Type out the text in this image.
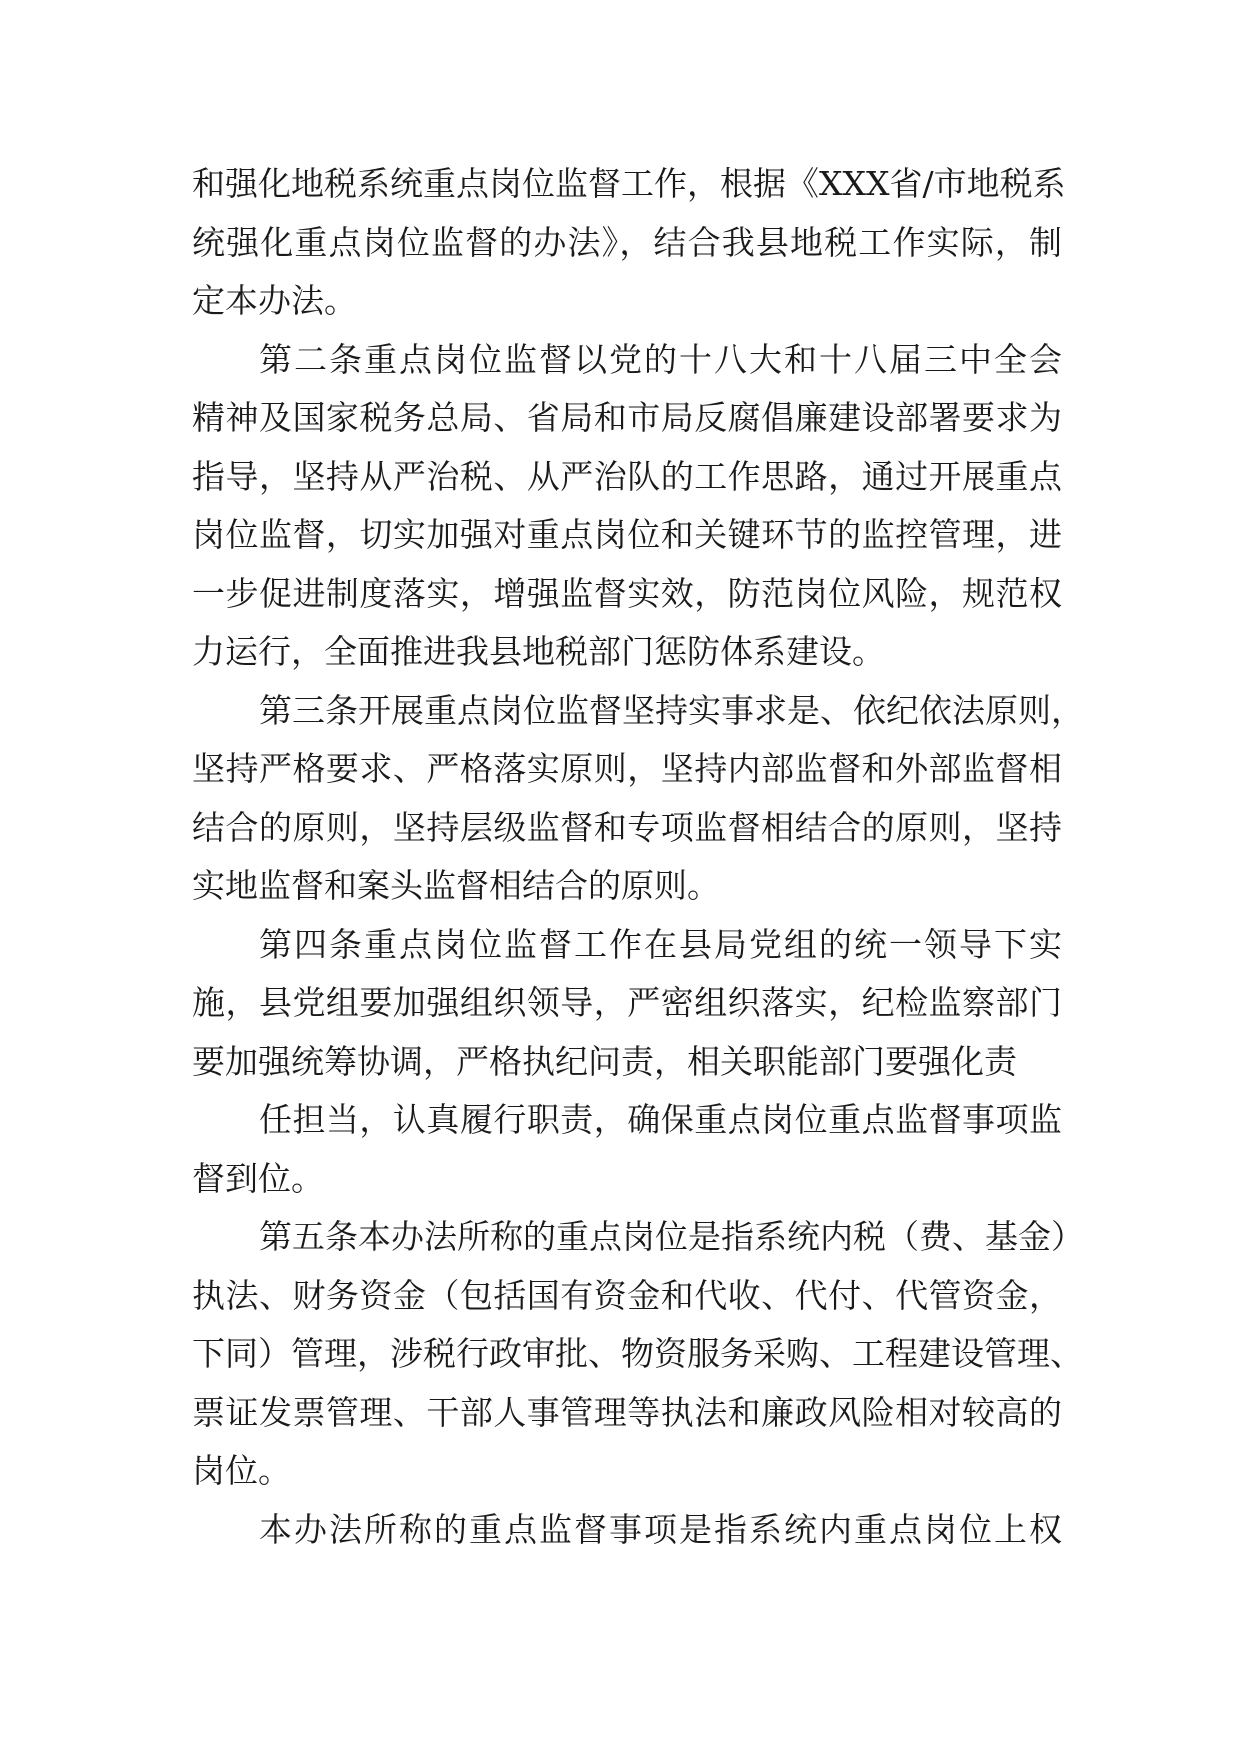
和强化地税系统重点岗位监督工作，根据《XXX省/市地税系
统强化重点岗位监督的办法》，结合我县地税工作实际，制
定本办法。
第二条重点岗位监督以党的十八大和十八届三中全会
精神及国家税务总局、省局和市局反腐倡廉建设部署要求为
指导，坚持从严治税、从严治队的工作思路，通过开展重点
岗位监督，切实加强对重点岗位和关键环节的监控管理，进
一步促进制度落实，增强监督实效，防范岗位风险，规范权
力运行，全面推进我县地税部门惩防体系建设。
第三条开展重点岗位监督坚持实事求是、依纪依法原则，
坚持严格要求、严格落实原则，坚持内部监督和外部监督相
结合的原则，坚持层级监督和专项监督相结合的原则，坚持
实地监督和案头监督相结合的原则。
第四条重点岗位监督工作在县局党组的统一领导下实
施，县党组要加强组织领导，严密组织落实，纪检监察部门
要加强统筹协调，严格执纪问责，相关职能部门要强化责
任担当，认真履行职责，确保重点岗位重点监督事项监
督到位。
第五条本办法所称的重点岗位是指系统内税（费、基金）
执法、财务资金（包括国有资金和代收、代付、代管资金，
下同）管理，涉税行政审批、物资服务采购、工程建设管理、
票证发票管理、干部人事管理等执法和廉政风险相对较高的
岗位。
本办法所称的重点监督事项是指系统内重点岗位上权
